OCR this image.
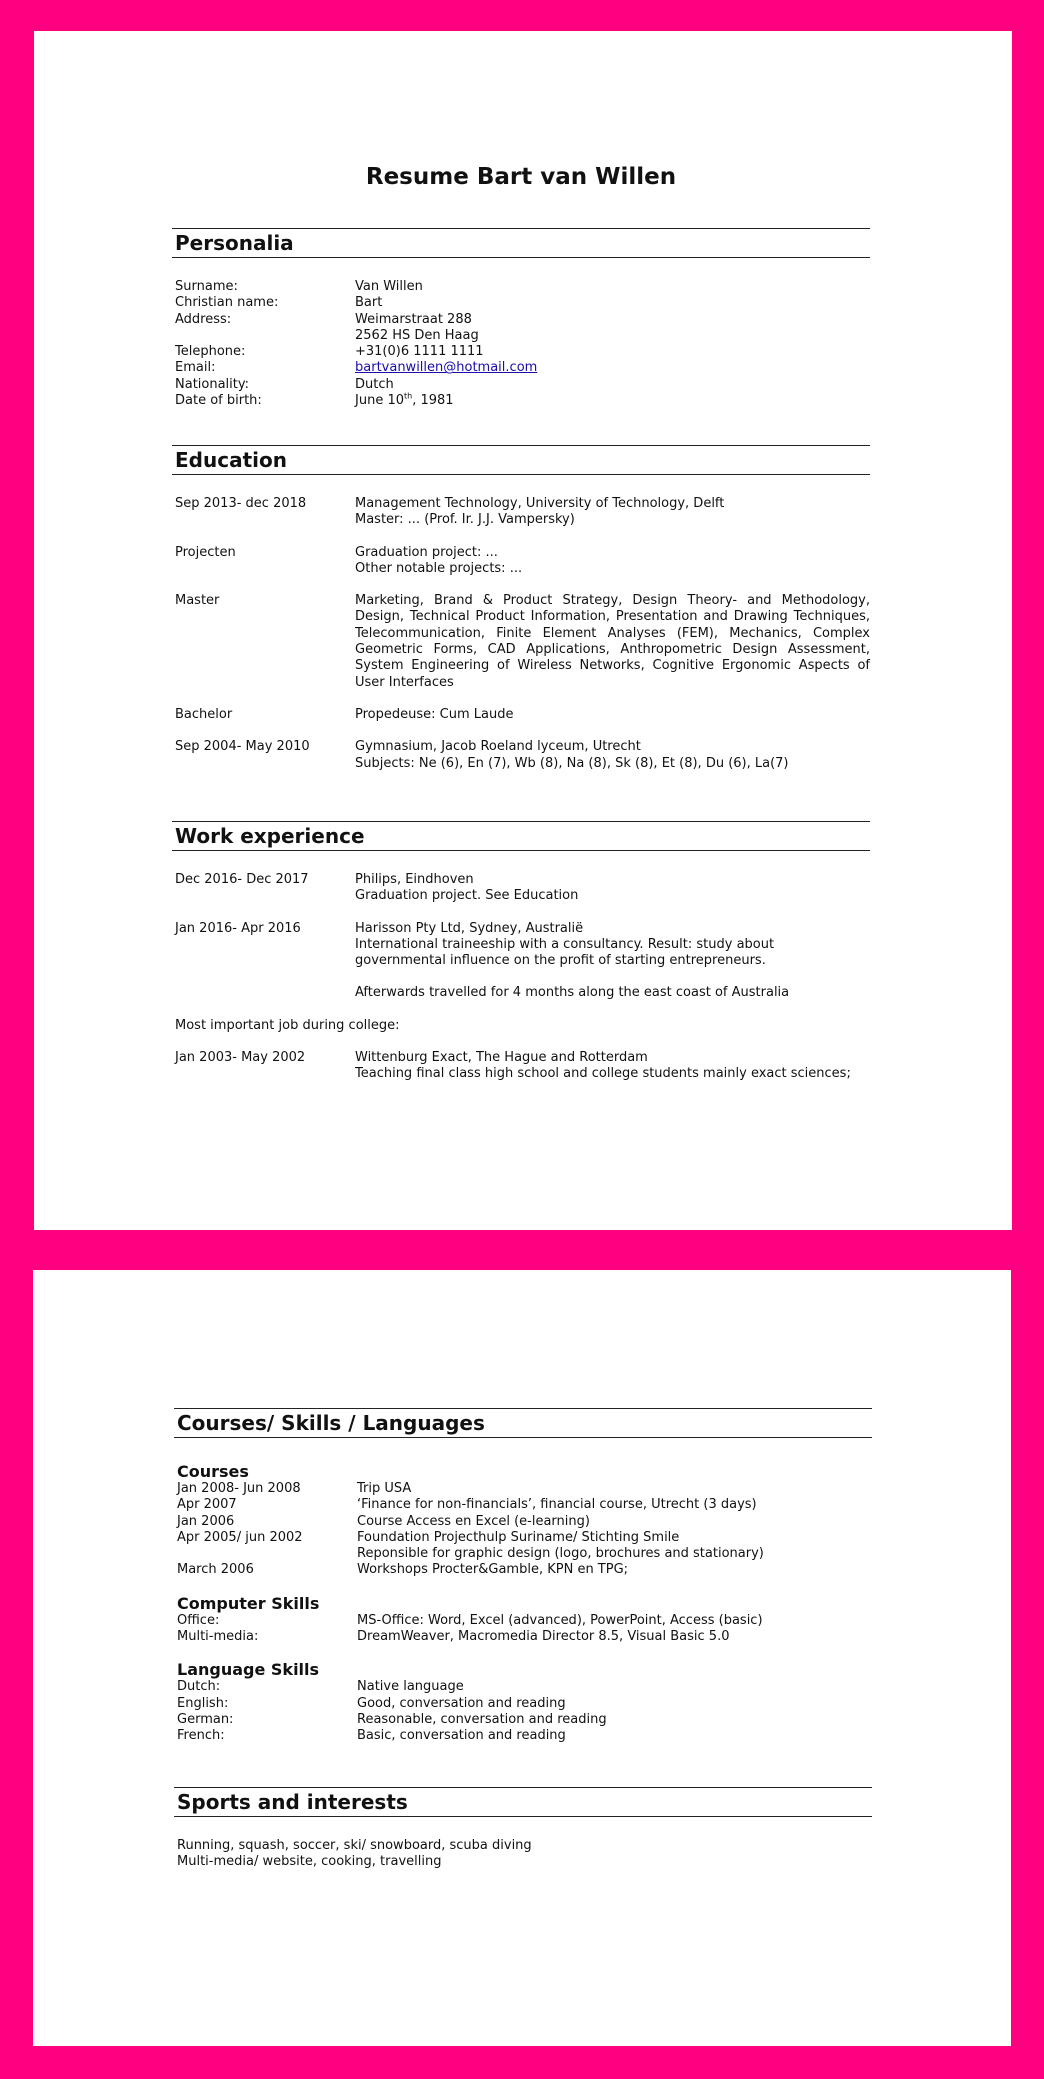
Resume Bart van Willen
Personalia
Surname:	Van Willen
Christian name:	Bart
Address:	Weimarstraat 288
2562 HS Den Haag
Telephone:	+31(0)6 1111 1111
Email:	bartvanwillen@hotmail.com
Nationality:	Dutch
Date of birth:	June 10th, 1981
Education
Sep 2013- dec 2018	Management Technology, University of Technology, Delft
Master: ... (Prof. Ir. J.J. Vampersky)
Projecten	Graduation project: ...
Other notable projects: ...
Master	Marketing, Brand & Product Strategy, Design Theory- and Methodology, Design, Technical Product Information, Presentation and Drawing Techniques, Telecommunication, Finite Element Analyses (FEM), Mechanics, Complex Geometric Forms, CAD Applications, Anthropometric Design Assessment, System Engineering of Wireless Networks, Cognitive Ergonomic Aspects of User Interfaces
Bachelor	Propedeuse: Cum Laude
Sep 2004- May 2010	Gymnasium, Jacob Roeland lyceum, Utrecht
Subjects: Ne (6), En (7), Wb (8), Na (8), Sk (8), Et (8), Du (6), La(7)
Work experience
Dec 2016- Dec 2017	Philips, Eindhoven
Graduation project. See Education
Jan 2016- Apr 2016	Harisson Pty Ltd, Sydney, Australië
International traineeship with a consultancy. Result: study about
governmental influence on the profit of starting entrepreneurs.
Afterwards travelled for 4 months along the east coast of Australia
Most important job during college:
Jan 2003- May 2002	Wittenburg Exact, The Hague and Rotterdam
Teaching final class high school and college students mainly exact sciences;
Courses/ Skills / Languages
Courses
Jan 2008- Jun 2008	Trip USA
Apr 2007	‘Finance for non-financials’, financial course, Utrecht (3 days)
Jan 2006	Course Access en Excel (e-learning)
Apr 2005/ jun 2002	Foundation Projecthulp Suriname/ Stichting Smile
Reponsible for graphic design (logo, brochures and stationary)
March 2006	Workshops Procter&Gamble, KPN en TPG;
Computer Skills
Office:	MS-Office: Word, Excel (advanced), PowerPoint, Access (basic)
Multi-media:	DreamWeaver, Macromedia Director 8.5, Visual Basic 5.0
Language Skills
Dutch:	Native language
English:	Good, conversation and reading
German:	Reasonable, conversation and reading
French:	Basic, conversation and reading
Sports and interests
Running, squash, soccer, ski/ snowboard, scuba diving
Multi-media/ website, cooking, travelling
